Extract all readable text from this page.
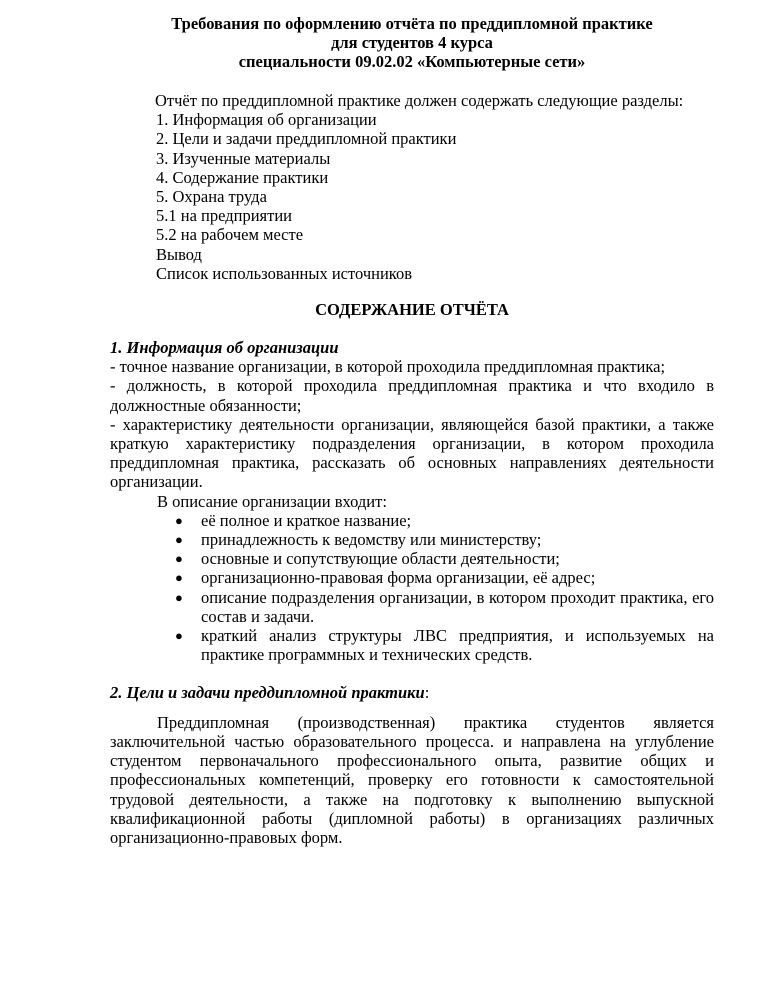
Требования по оформлению отчёта по преддипломной практике

для студентов 4 курса

специальности 09.02.02 «Компьютерные сети»

Отчёт по преддипломной практике должен содержать следующие разделы:

1. Информация об организации
2. Цели и задачи преддипломной практики
3. Изученные материалы
4. Содержание практики
5. Охрана труда
5.1 на предприятии
5.2 на рабочем месте
Вывод
Список использованных источников
СОДЕРЖАНИЕ ОТЧЁТА
1. Информация об организации

- точное название организации, в которой проходила преддипломная практика;

- должность, в которой проходила преддипломная практика и что входило в должностные обязанности;

- характеристику деятельности организации, являющейся базой практики, а также краткую характеристику подразделения организации, в котором проходила преддипломная практика, рассказать об основных направлениях деятельности организации.

В описание организации входит:

● её полное и краткое название;
● принадлежность к ведомству или министерству;
● основные и сопутствующие области деятельности;
● организационно-правовая форма организации, её адрес;
● описание подразделения организации, в котором проходит практика, его состав и задачи.
● краткий анализ структуры ЛВС предприятия, и используемых на практике программных и технических средств.
2. Цели и задачи преддипломной практики:

Преддипломная (производственная) практика студентов является заключительной частью образовательного процесса. и направлена на углубление студентом первоначального профессионального опыта, развитие общих и профессиональных компетенций, проверку его готовности к самостоятельной трудовой деятельности, а также на подготовку к выполнению выпускной квалификационной работы (дипломной работы) в организациях различных организационно-правовых форм.
